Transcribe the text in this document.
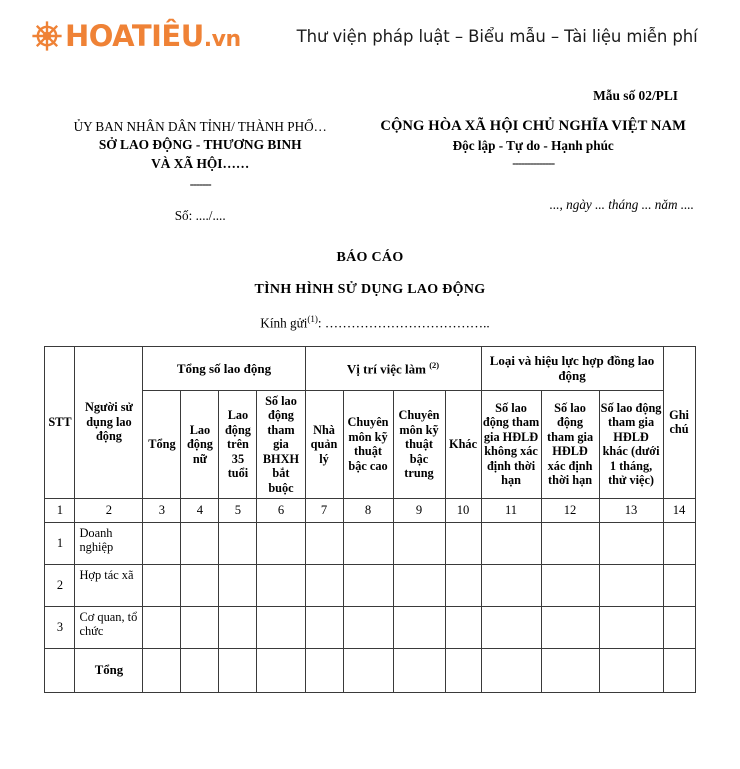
HOATIÊU.vn	Thư viện pháp luật – Biểu mẫu – Tài liệu miễn phí
Mẫu số 02/PLI
ỦY BAN NHÂN DÂN TỈNH/ THÀNH PHỐ…
SỞ LAO ĐỘNG - THƯƠNG BINH
VÀ XÃ HỘI……
-------
Số: ..../....
CỘNG HÒA XÃ HỘI CHỦ NGHĨA VIỆT NAM
Độc lập - Tự do - Hạnh phúc
--------------
..., ngày ... tháng ... năm ....
BÁO CÁO
TÌNH HÌNH SỬ DỤNG LAO ĐỘNG
Kính gửi$^{(1)}$: ………………………………..
STT	Người sử dụng lao động	Tổng số lao động				Vị trí việc làm $^{(2)}$				Loại và hiệu lực hợp đồng lao động			Ghi chú
		Tổng	Lao động nữ	Lao động trên 35 tuổi	Số lao động tham gia BHXH bắt buộc	Nhà quản lý	Chuyên môn kỹ thuật bậc cao	Chuyên môn kỹ thuật bậc trung	Khác	Số lao động tham gia HĐLĐ không xác định thời hạn	Số lao động tham gia HĐLĐ xác định thời hạn	Số lao động tham gia HĐLĐ khác (dưới 1 tháng, thử việc)	
1	2	3	4	5	6	7	8	9	10	11	12	13	14
1	Doanh nghiệp												
2	Hợp tác xã												
3	Cơ quan, tổ chức												
	Tổng												
